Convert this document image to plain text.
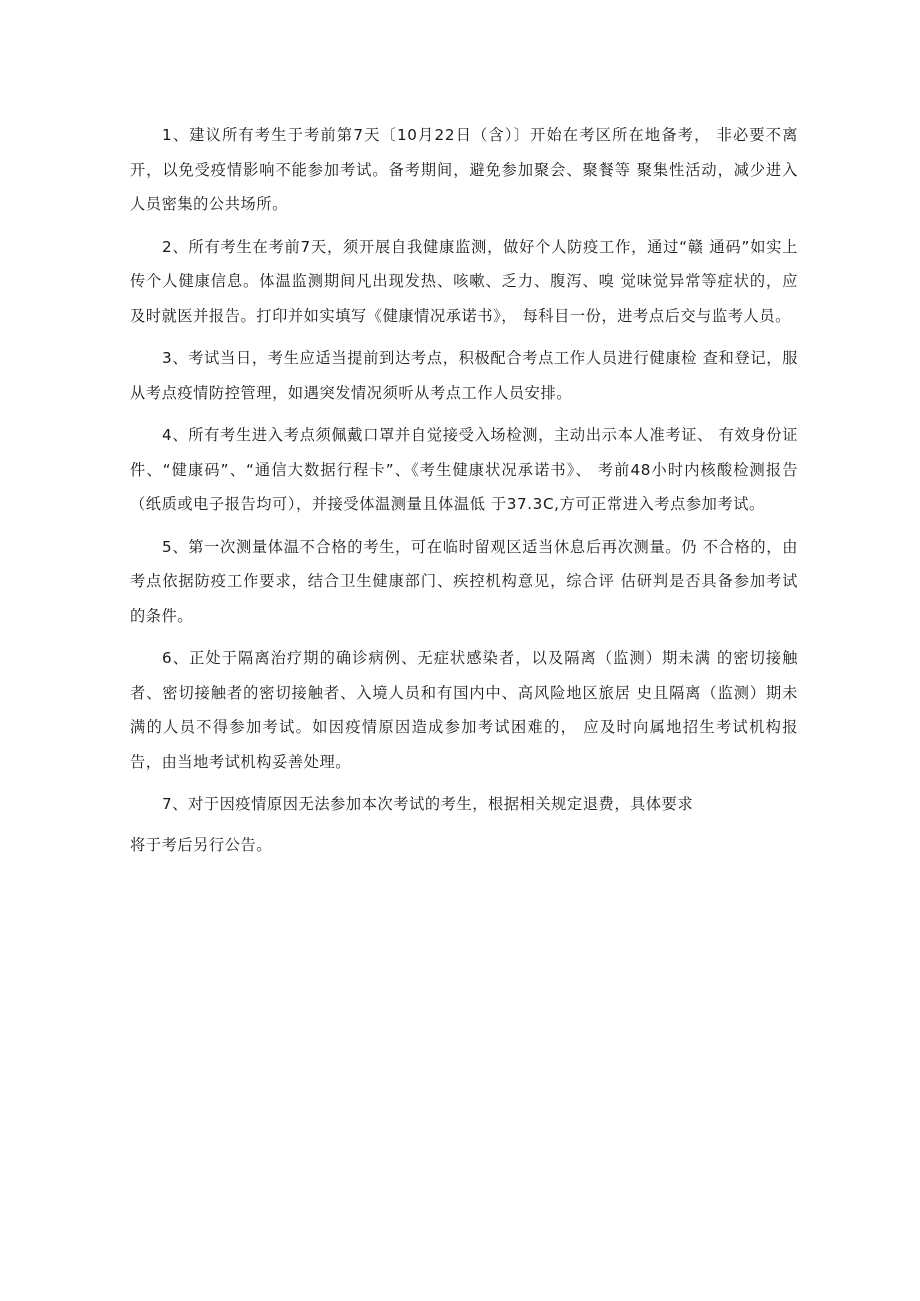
1、建议所有考生于考前第7天〔10月22日（含）〕开始在考区所在地备考， 非必要不离开，以免受疫情影响不能参加考试。备考期间，避免参加聚会、聚餐等 聚集性活动，减少进入人员密集的公共场所。

2、所有考生在考前7天，须开展自我健康监测，做好个人防疫工作，通过“赣 通码”如实上传个人健康信息。体温监测期间凡出现发热、咳嗽、乏力、腹泻、嗅 觉味觉异常等症状的，应及时就医并报告。打印并如实填写《健康情况承诺书》， 每科目一份，进考点后交与监考人员。

3、考试当日，考生应适当提前到达考点，积极配合考点工作人员进行健康检 查和登记，服从考点疫情防控管理，如遇突发情况须听从考点工作人员安排。

4、所有考生进入考点须佩戴口罩并自觉接受入场检测，主动出示本人准考证、 有效身份证件、“健康码”、“通信大数据行程卡”、《考生健康状况承诺书》、 考前48小时内核酸检测报告（纸质或电子报告均可），并接受体温测量且体温低 于37.3C,方可正常进入考点参加考试。

5、第一次测量体温不合格的考生，可在临时留观区适当休息后再次测量。仍 不合格的，由考点依据防疫工作要求，结合卫生健康部门、疾控机构意见，综合评 估研判是否具备参加考试的条件。

6、正处于隔离治疗期的确诊病例、无症状感染者，以及隔离（监测）期未满 的密切接触者、密切接触者的密切接触者、入境人员和有国内中、高风险地区旅居 史且隔离（监测）期未满的人员不得参加考试。如因疫情原因造成参加考试困难的， 应及时向属地招生考试机构报告，由当地考试机构妥善处理。

7、对于因疫情原因无法参加本次考试的考生，根据相关规定退费，具体要求

将于考后另行公告。
